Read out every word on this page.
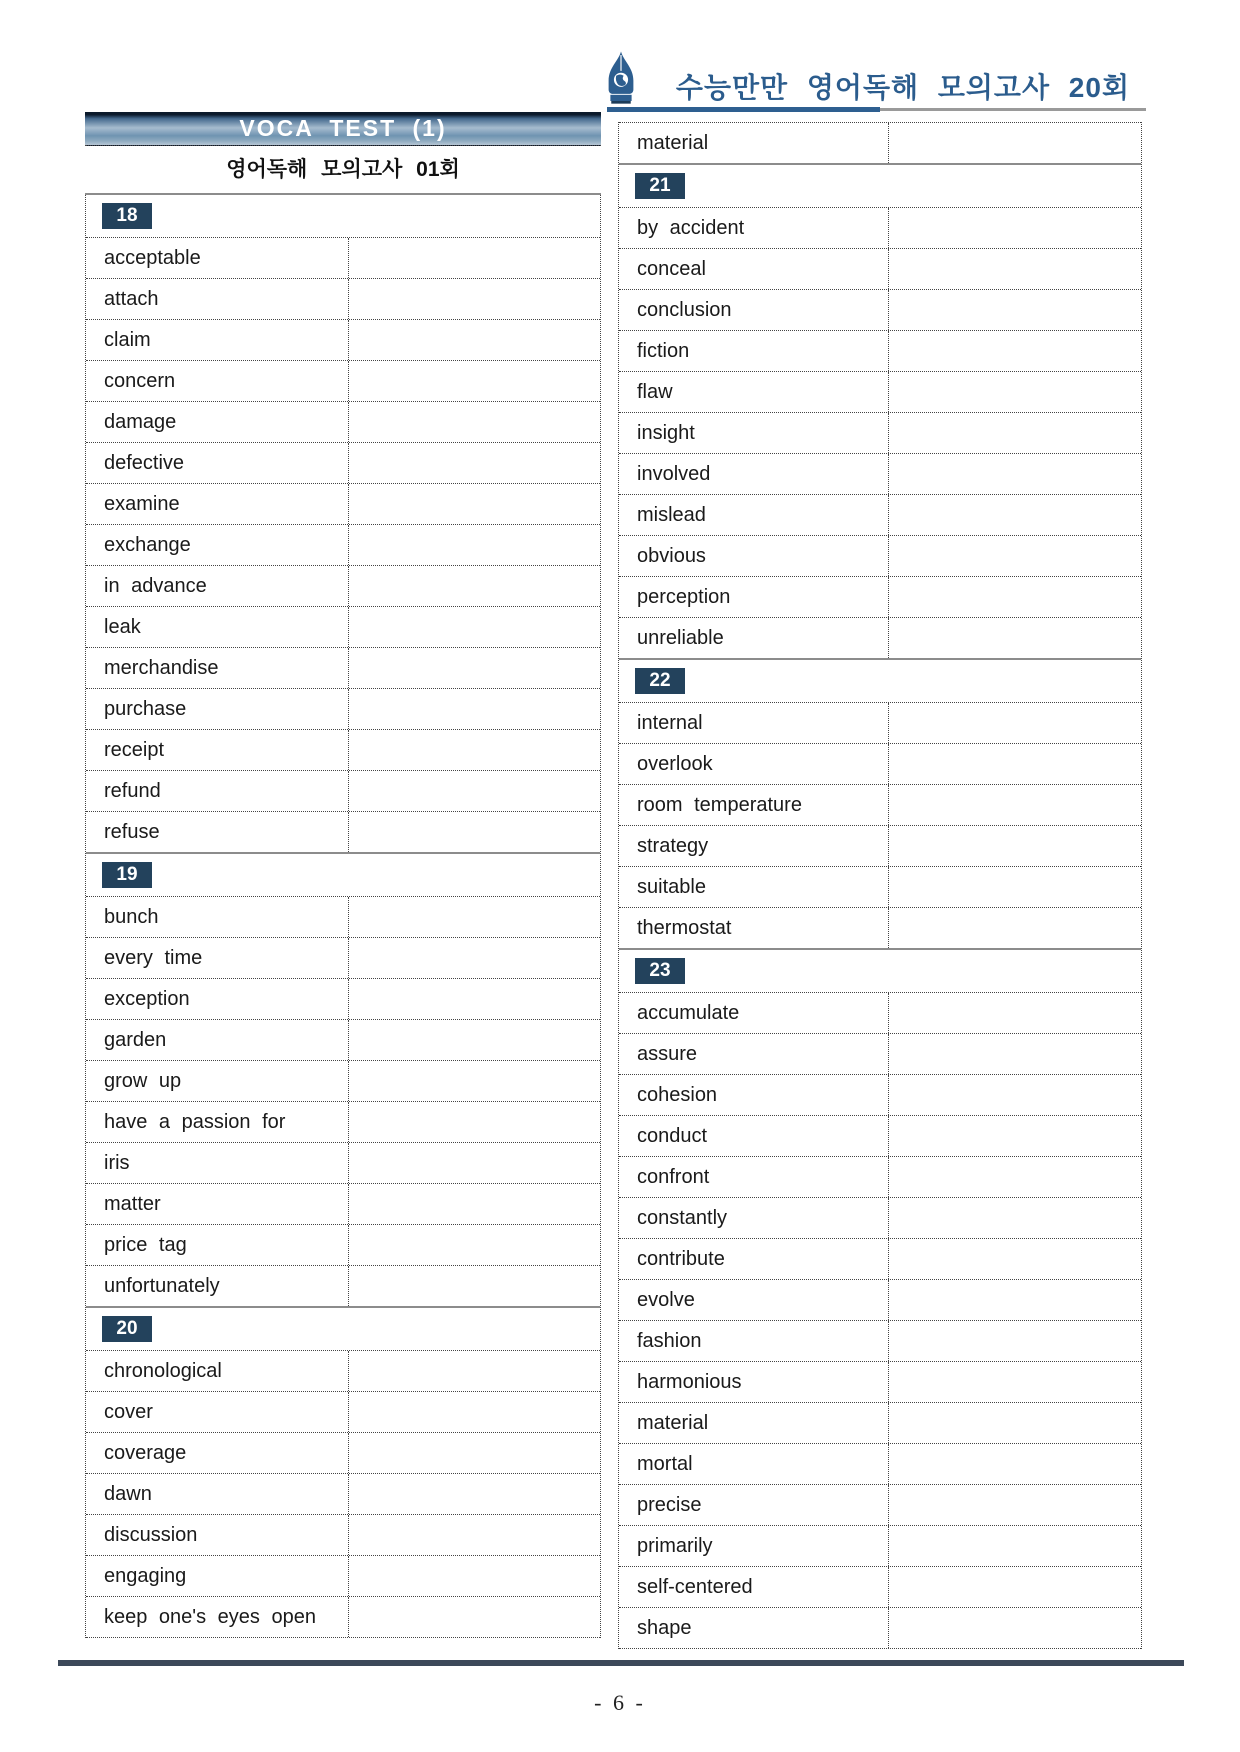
수능만만 영어독해 모의고사 20회
VOCA TEST (1)
영어독해 모의고사 01회
18
acceptable
attach
claim
concern
damage
defective
examine
exchange
in advance
leak
merchandise
purchase
receipt
refund
refuse
19
bunch
every time
exception
garden
grow up
have a passion for
iris
matter
price tag
unfortunately
20
chronological
cover
coverage
dawn
discussion
engaging
keep one's eyes open
material
21
by accident
conceal
conclusion
fiction
flaw
insight
involved
mislead
obvious
perception
unreliable
22
internal
overlook
room temperature
strategy
suitable
thermostat
23
accumulate
assure
cohesion
conduct
confront
constantly
contribute
evolve
fashion
harmonious
material
mortal
precise
primarily
self-centered
shape
- 6 -
